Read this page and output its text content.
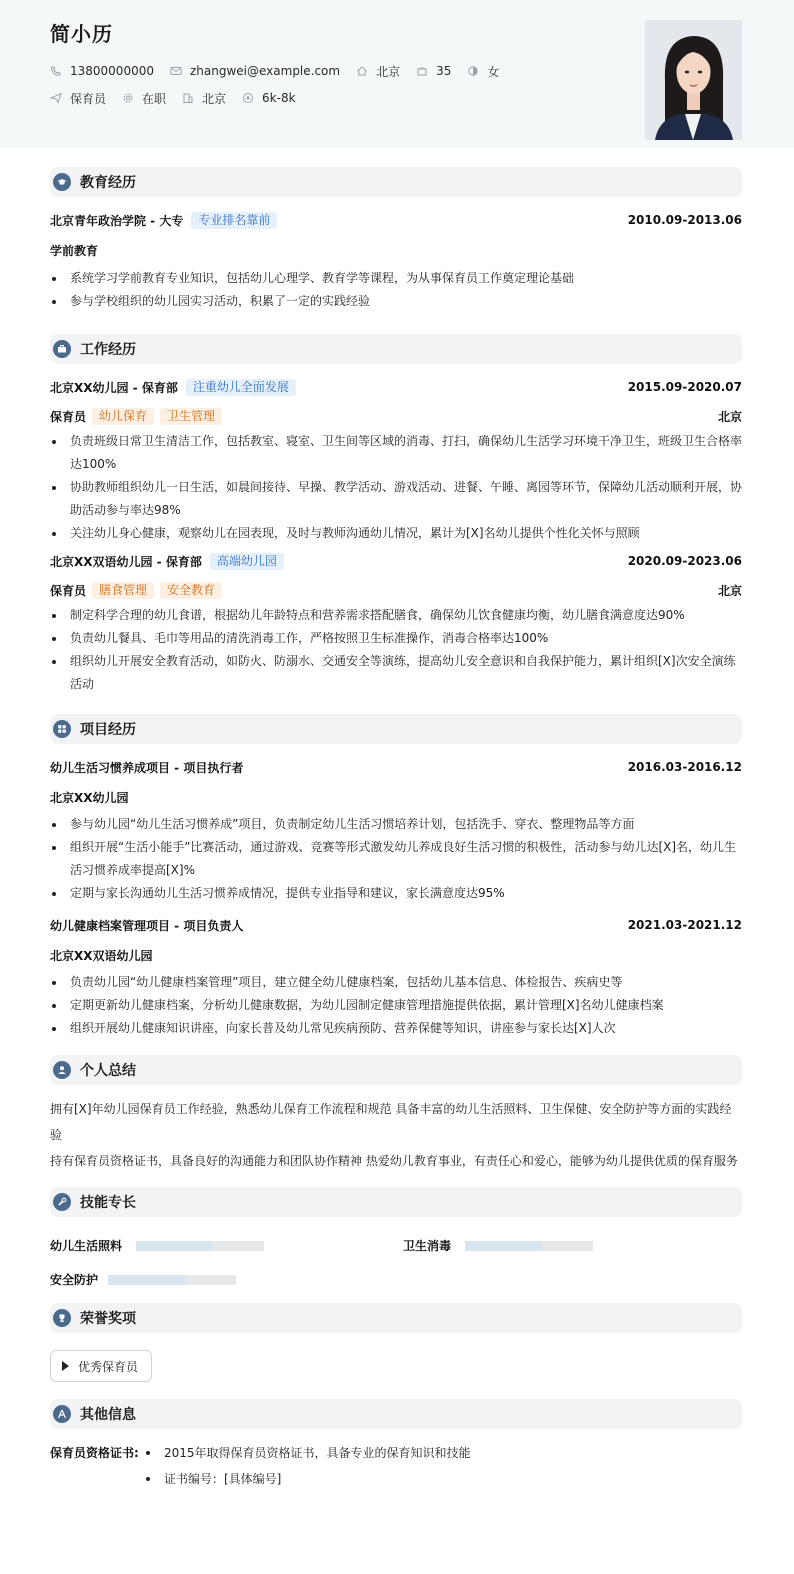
简小历
13800000000	zhangwei@example.com	北京	35	女
保育员	在职	北京	6k-8k
教育经历
北京青年政治学院 - 大专	专业排名靠前	2010.09-2013.06
学前教育
系统学习学前教育专业知识，包括幼儿心理学、教育学等课程，为从事保育员工作奠定理论基础
参与学校组织的幼儿园实习活动，积累了一定的实践经验
工作经历
北京XX幼儿园 - 保育部	注重幼儿全面发展	2015.09-2020.07
保育员	幼儿保育	卫生管理	北京
负责班级日常卫生清洁工作，包括教室、寝室、卫生间等区域的消毒、打扫，确保幼儿生活学习环境干净卫生，班级卫生合格率达100%
协助教师组织幼儿一日生活，如晨间接待、早操、教学活动、游戏活动、进餐、午睡、离园等环节，保障幼儿活动顺利开展，协助活动参与率达98%
关注幼儿身心健康，观察幼儿在园表现，及时与教师沟通幼儿情况，累计为[X]名幼儿提供个性化关怀与照顾
北京XX双语幼儿园 - 保育部	高端幼儿园	2020.09-2023.06
保育员	膳食管理	安全教育	北京
制定科学合理的幼儿食谱，根据幼儿年龄特点和营养需求搭配膳食，确保幼儿饮食健康均衡，幼儿膳食满意度达90%
负责幼儿餐具、毛巾等用品的清洗消毒工作，严格按照卫生标准操作，消毒合格率达100%
组织幼儿开展安全教育活动，如防火、防溺水、交通安全等演练，提高幼儿安全意识和自我保护能力，累计组织[X]次安全演练活动
项目经历
幼儿生活习惯养成项目 - 项目执行者	2016.03-2016.12
北京XX幼儿园
参与幼儿园“幼儿生活习惯养成”项目，负责制定幼儿生活习惯培养计划，包括洗手、穿衣、整理物品等方面
组织开展“生活小能手”比赛活动，通过游戏、竞赛等形式激发幼儿养成良好生活习惯的积极性，活动参与幼儿达[X]名，幼儿生活习惯养成率提高[X]%
定期与家长沟通幼儿生活习惯养成情况，提供专业指导和建议，家长满意度达95%
幼儿健康档案管理项目 - 项目负责人	2021.03-2021.12
北京XX双语幼儿园
负责幼儿园“幼儿健康档案管理”项目，建立健全幼儿健康档案，包括幼儿基本信息、体检报告、疾病史等
定期更新幼儿健康档案，分析幼儿健康数据，为幼儿园制定健康管理措施提供依据，累计管理[X]名幼儿健康档案
组织开展幼儿健康知识讲座，向家长普及幼儿常见疾病预防、营养保健等知识，讲座参与家长达[X]人次
个人总结

拥有[X]年幼儿园保育员工作经验，熟悉幼儿保育工作流程和规范 具备丰富的幼儿生活照料、卫生保健、安全防护等方面的实践经验

持有保育员资格证书，具备良好的沟通能力和团队协作精神 热爱幼儿教育事业，有责任心和爱心，能够为幼儿提供优质的保育服务

技能专长
幼儿生活照料	卫生消毒
安全防护
荣誉奖项
优秀保育员
其他信息
保育员资格证书:	2015年取得保育员资格证书，具备专业的保育知识和技能
证书编号：[具体编号]
